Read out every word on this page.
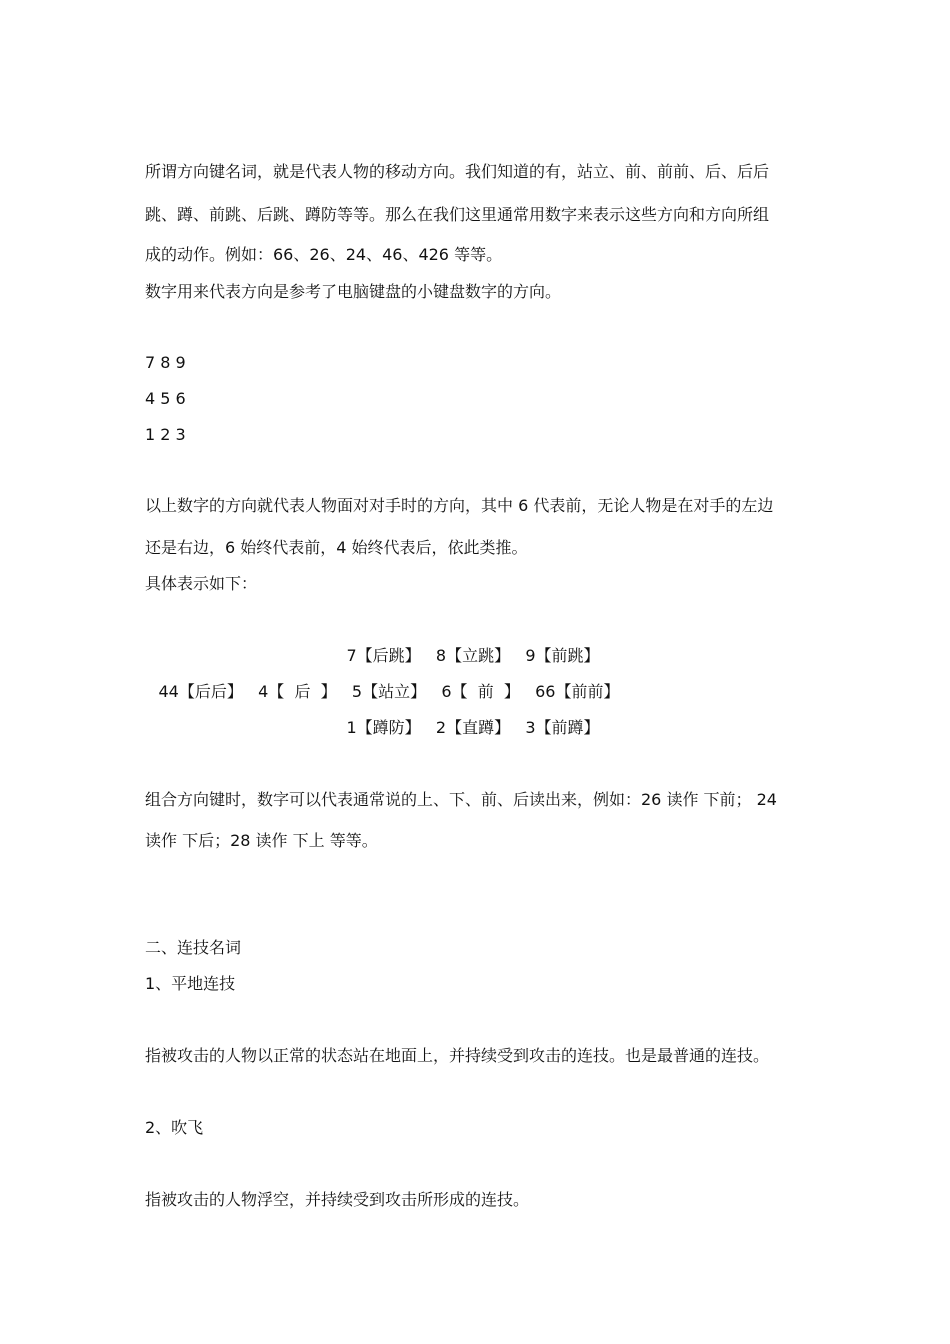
所谓方向键名词，就是代表人物的移动方向。我们知道的有，站立、前、前前、后、后后
跳、蹲、前跳、后跳、蹲防等等。那么在我们这里通常用数字来表示这些方向和方向所组
成的动作。例如：66、26、24、46、426 等等。
数字用来代表方向是参考了电脑键盘的小键盘数字的方向。
7 8 9
4 5 6
1 2 3
以上数字的方向就代表人物面对对手时的方向，其中 6 代表前，无论人物是在对手的左边
还是右边，6 始终代表前，4 始终代表后，依此类推。
具体表示如下：
7【后跳】   8【立跳】   9【前跳】
44【后后】   4【  后  】   5【站立】   6【  前  】   66【前前】
1【蹲防】   2【直蹲】   3【前蹲】
组合方向键时，数字可以代表通常说的上、下、前、后读出来，例如：26 读作 下前； 24
读作 下后；28 读作 下上 等等。
二、连技名词
1、平地连技
指被攻击的人物以正常的状态站在地面上，并持续受到攻击的连技。也是最普通的连技。
2、吹飞
指被攻击的人物浮空，并持续受到攻击所形成的连技。
